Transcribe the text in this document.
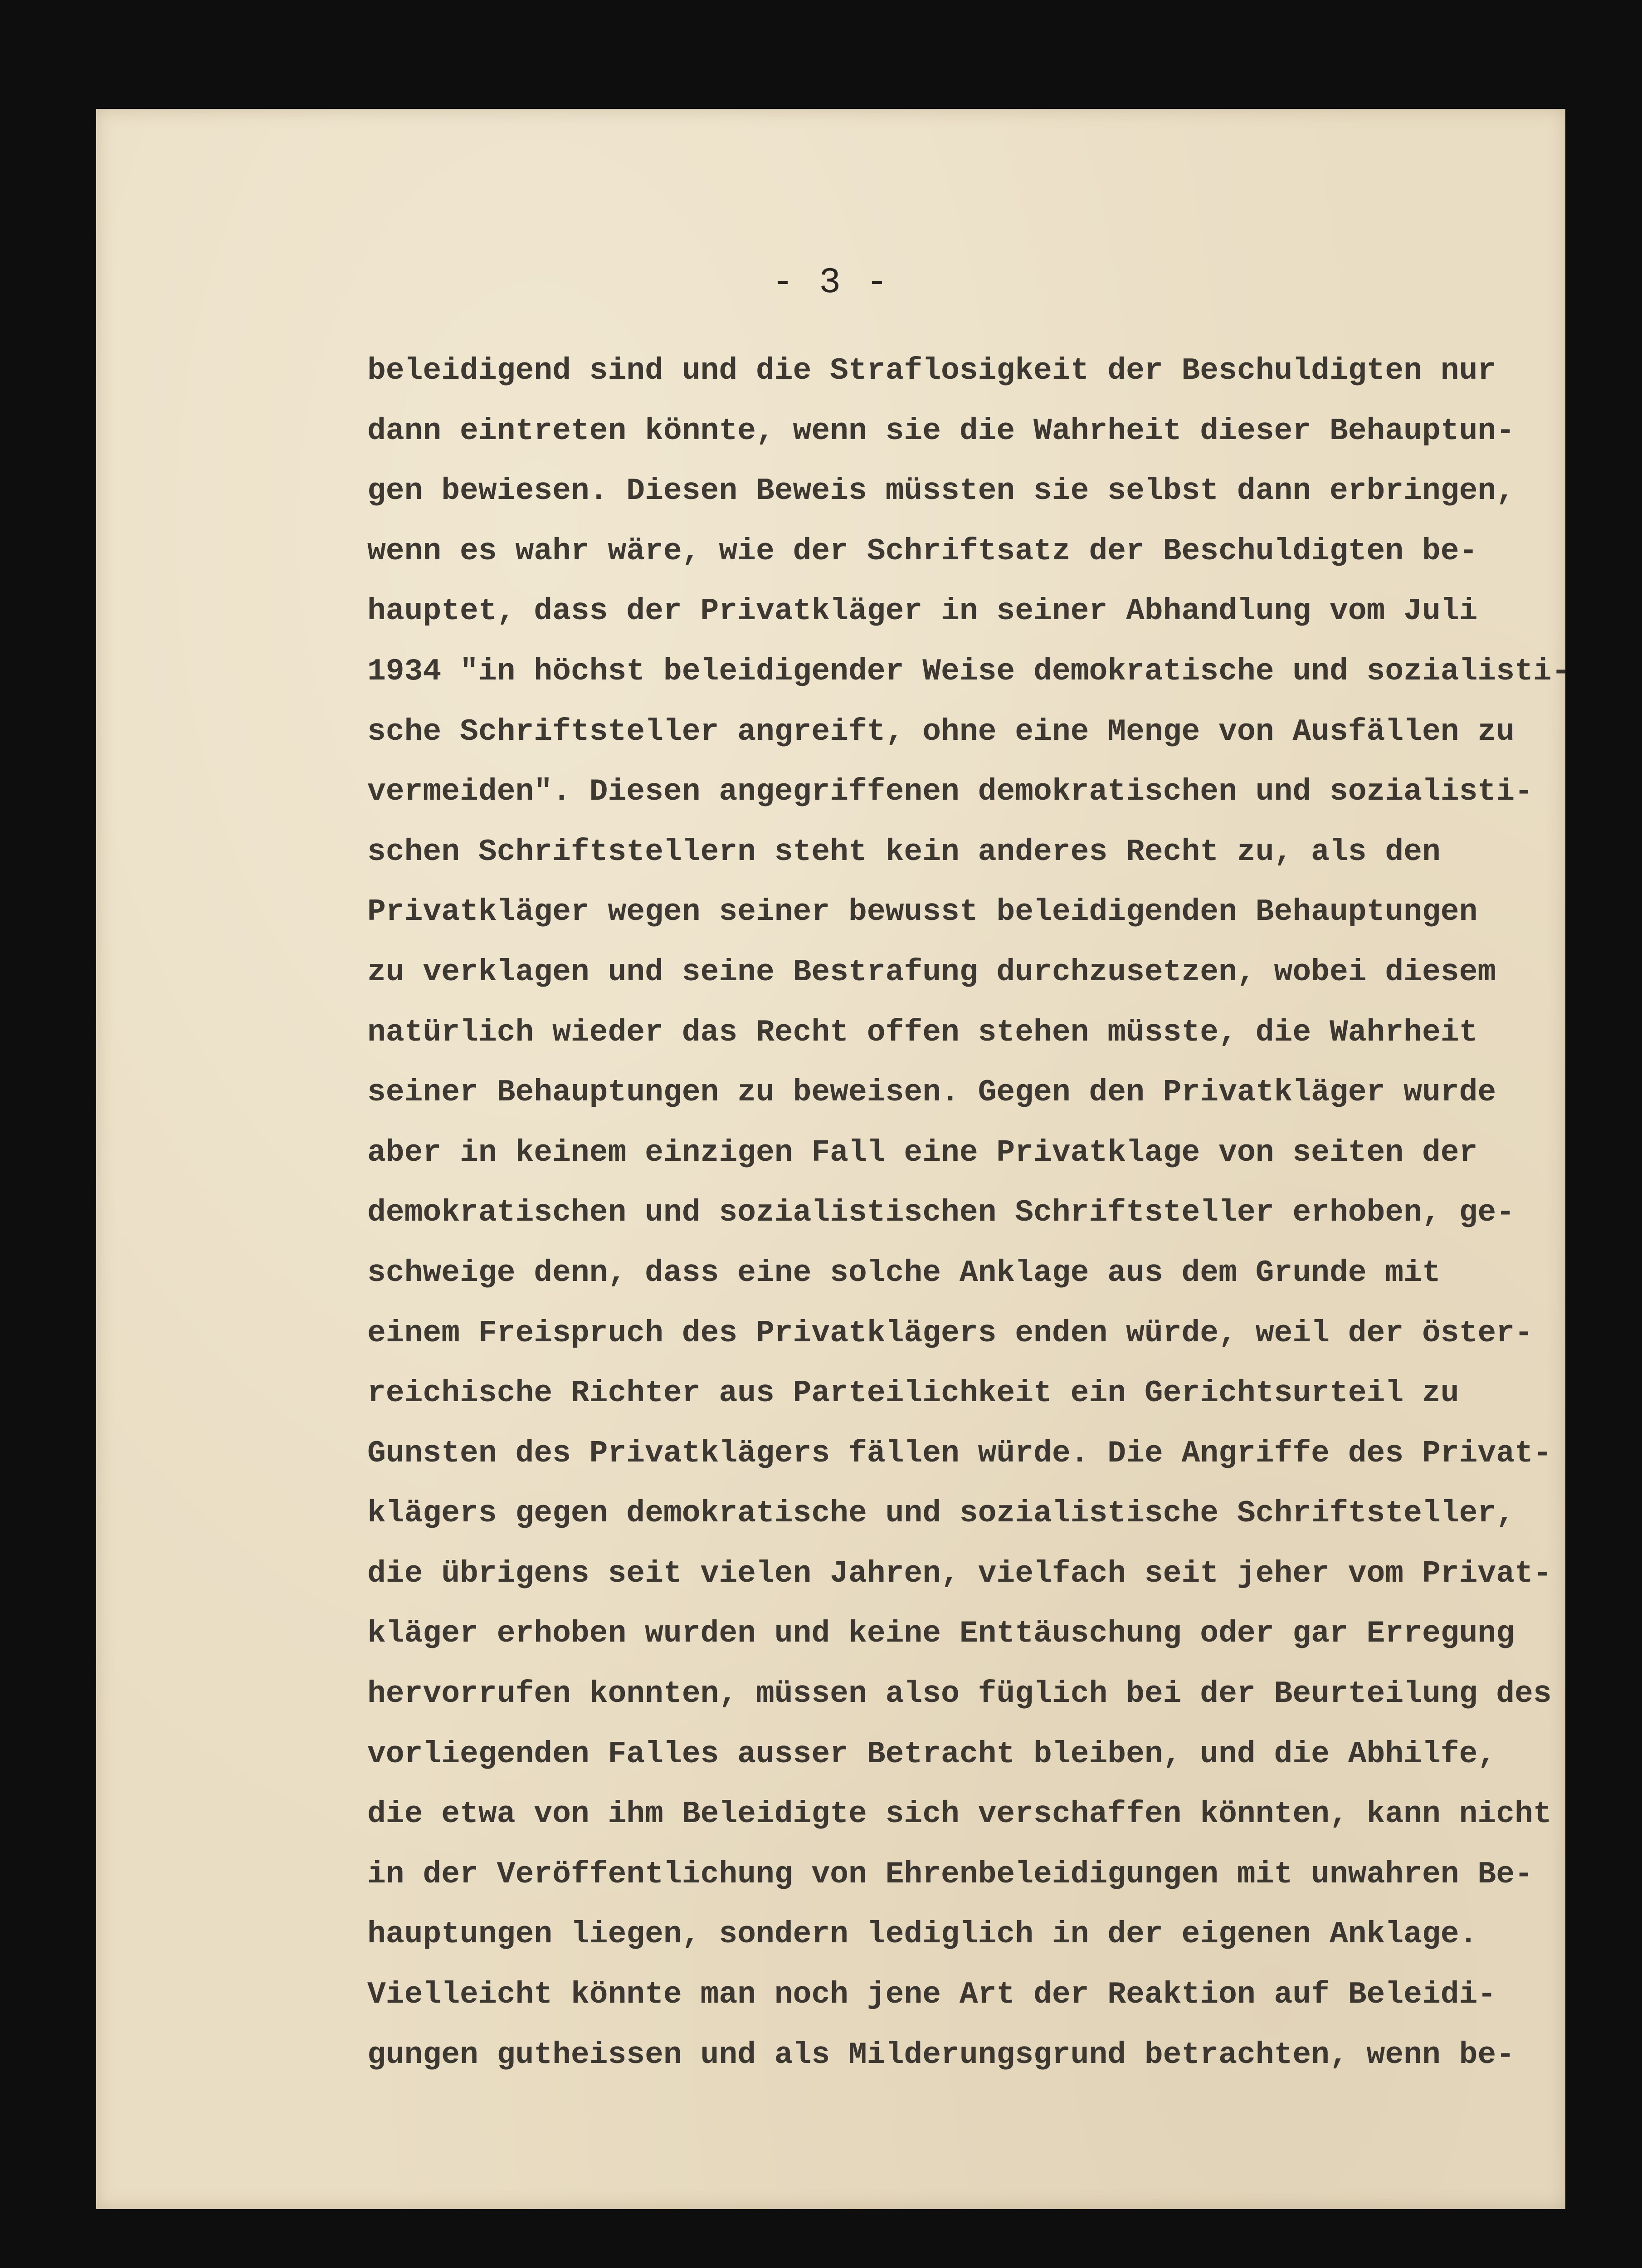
- 3 -
beleidigend sind und die Straflosigkeit der Beschuldigten nur
dann eintreten könnte, wenn sie die Wahrheit dieser Behauptun-
gen bewiesen. Diesen Beweis müssten sie selbst dann erbringen,
wenn es wahr wäre, wie der Schriftsatz der Beschuldigten be-
hauptet, dass der Privatkläger in seiner Abhandlung vom Juli
1934 "in höchst beleidigender Weise demokratische und sozialisti-
sche Schriftsteller angreift, ohne eine Menge von Ausfällen zu
vermeiden". Diesen angegriffenen demokratischen und sozialisti-
schen Schriftstellern steht kein anderes Recht zu, als den
Privatkläger wegen seiner bewusst beleidigenden Behauptungen
zu verklagen und seine Bestrafung durchzusetzen, wobei diesem
natürlich wieder das Recht offen stehen müsste, die Wahrheit
seiner Behauptungen zu beweisen. Gegen den Privatkläger wurde
aber in keinem einzigen Fall eine Privatklage von seiten der
demokratischen und sozialistischen Schriftsteller erhoben, ge-
schweige denn, dass eine solche Anklage aus dem Grunde mit
einem Freispruch des Privatklägers enden würde, weil der öster-
reichische Richter aus Parteilichkeit ein Gerichtsurteil zu
Gunsten des Privatklägers fällen würde. Die Angriffe des Privat-
klägers gegen demokratische und sozialistische Schriftsteller,
die übrigens seit vielen Jahren, vielfach seit jeher vom Privat-
kläger erhoben wurden und keine Enttäuschung oder gar Erregung
hervorrufen konnten, müssen also füglich bei der Beurteilung des
vorliegenden Falles ausser Betracht bleiben, und die Abhilfe,
die etwa von ihm Beleidigte sich verschaffen könnten, kann nicht
in der Veröffentlichung von Ehrenbeleidigungen mit unwahren Be-
hauptungen liegen, sondern lediglich in der eigenen Anklage.
Vielleicht könnte man noch jene Art der Reaktion auf Beleidi-
gungen gutheissen und als Milderungsgrund betrachten, wenn be-
